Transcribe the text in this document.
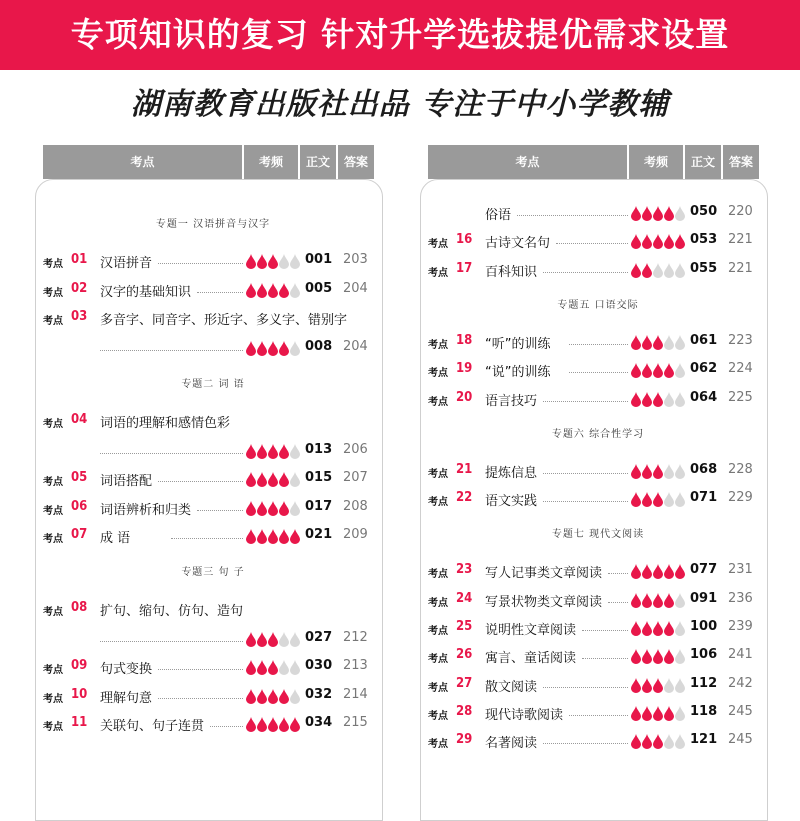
专项知识的复习 针对升学选拔提优需求设置
湖南教育出版社出品 专注于中小学教辅
考点	考频	正文	答案
专题一 汉语拼音与汉字
考点 01 汉语拼音	001 203
考点 02 汉字的基础知识	005 204
考点 03 多音字、同音字、形近字、多义字、错别字
008 204
专题二 词 语
考点 04 词语的理解和感情色彩
013 206
考点 05 词语搭配	015 207
考点 06 词语辨析和归类	017 208
考点 07 成 语	021 209
专题三 句 子
考点 08 扩句、缩句、仿句、造句
027 212
考点 09 句式变换	030 213
考点 10 理解句意	032 214
考点 11 关联句、句子连贯	034 215
考点	考频	正文	答案
俗语	050 220
考点 16 古诗文名句	053 221
考点 17 百科知识	055 221
专题五 口语交际
考点 18 “听”的训练	061 223
考点 19 “说”的训练	062 224
考点 20 语言技巧	064 225
专题六 综合性学习
考点 21 提炼信息	068 228
考点 22 语文实践	071 229
专题七 现代文阅读
考点 23 写人记事类文章阅读	077 231
考点 24 写景状物类文章阅读	091 236
考点 25 说明性文章阅读	100 239
考点 26 寓言、童话阅读	106 241
考点 27 散文阅读	112 242
考点 28 现代诗歌阅读	118 245
考点 29 名著阅读	121 245
